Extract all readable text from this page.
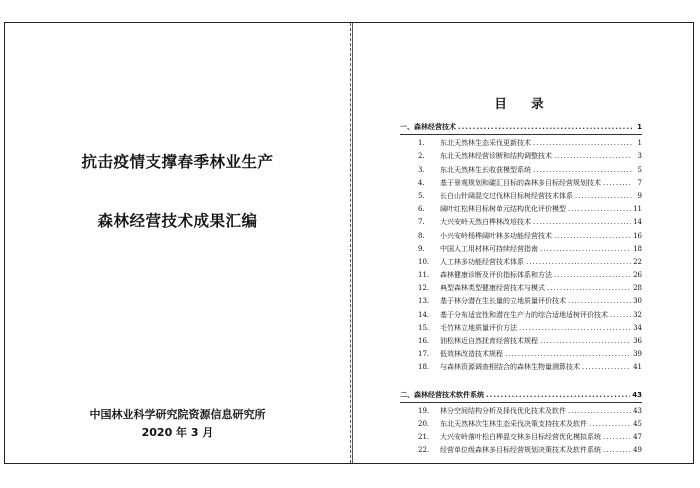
抗击疫情支撑春季林业生产
森林经营技术成果汇编
中国林业科学研究院资源信息研究所
2020 年 3 月
目 录
一、森林经营技术 .....	1
1.	东北天然林生态采伐更新技术 .....	1
2.	东北天然林经营诊断和结构调整技术 .....	3
3.	东北天然林生长收获模型系统 .....	5
4.	基于景观规划和碳汇目标的森林多目标经营规划技术 .....	7
5.	长白山针阔混交过伐林目标树经营技术体系 .....	9
6.	阔叶红松林目标树单元结构优化评价模型 .....	11
7.	大兴安岭天然白桦林改培技术 .....	14
8.	小兴安岭杨桦阔叶林多功能经营技术 .....	16
9.	中国人工用材林可持续经营指南 .....	18
10.	人工林多功能经营技术体系 .....	22
11.	森林健康诊断及评价指标体系和方法 .....	26
12.	典型森林类型健康经营技术与模式 .....	28
13.	基于林分潜在生长量的立地质量评价技术 .....	30
14.	基于分布适宜性和潜在生产力的综合适地适树评价技术 .....	32
15.	毛竹林立地质量评价方法 .....	34
16.	油松林近自然抚育经营技术规程 .....	36
17.	低效林改造技术规程 .....	39
18.	与森林资源调查相结合的森林生物量测算技术 .....	41
二、森林经营技术软件系统 .....	43
19.	林分空间结构分析及择伐优化技术及软件 .....	43
20.	东北天然林次生林生态采伐决策支持技术及软件 .....	45
21.	大兴安岭落叶松白桦混交林多目标经营优化模拟系统 .....	47
22.	经营单位级森林多目标经营规划决策技术及软件系统 .....	49
